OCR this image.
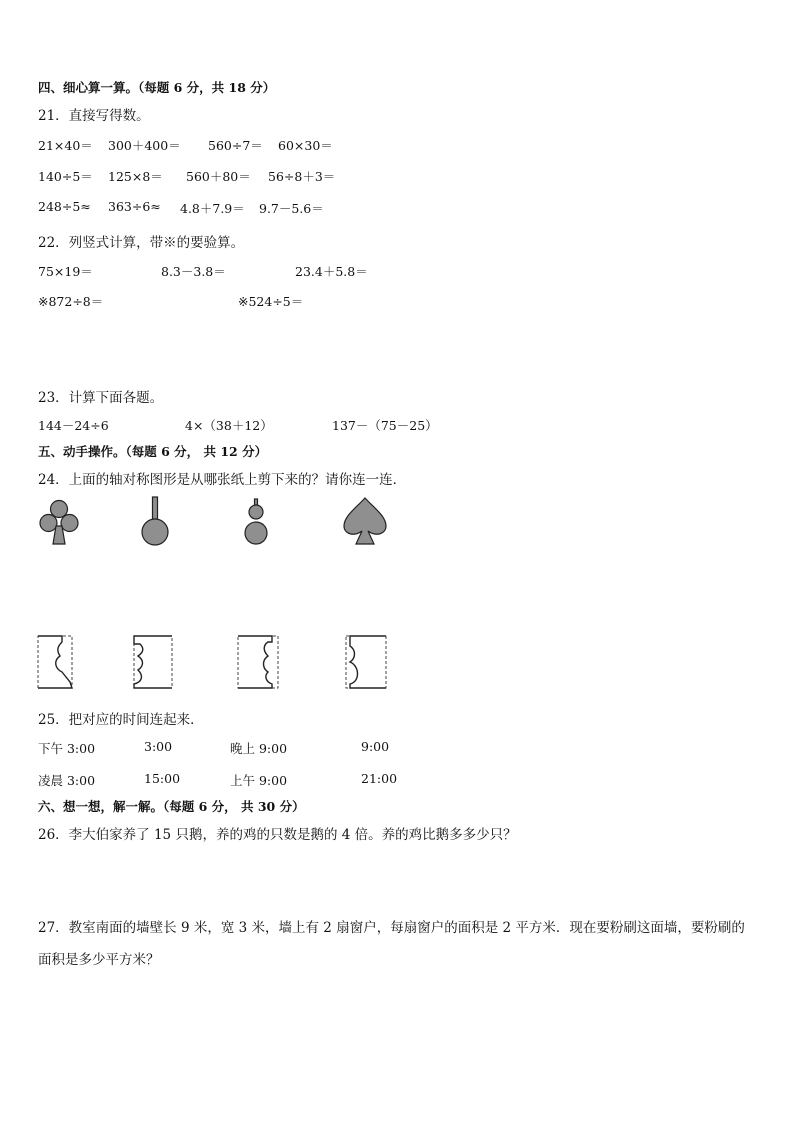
四、细心算一算。（每题 6 分，共 18 分）
21．直接写得数。
21×40＝ 300＋400＝ 560÷7＝ 60×30＝
140÷5＝ 125×8＝ 560＋80＝ 56÷8＋3＝
248÷5≈ 363÷6≈ 4.8＋7.9＝ 9.7－5.6＝
22．列竖式计算，带※的要验算。
75×19＝	8.3－3.8＝	23.4＋5.8＝
※872÷8＝	※524÷5＝
23．计算下面各题。
144－24÷6	4×（38＋12）	137－（75－25）
五、动手操作。（每题 6 分， 共 12 分）
24．上面的轴对称图形是从哪张纸上剪下来的？请你连一连．
25．把对应的时间连起来．
下午 3:00	3:00	晚上 9:00	9:00
凌晨 3:00	15:00	上午 9:00	21:00
六、想一想，解一解。（每题 6 分， 共 30 分）
26．李大伯家养了 15 只鹅，养的鸡的只数是鹅的 4 倍。养的鸡比鹅多多少只？
27．教室南面的墙壁长 9 米，宽 3 米，墙上有 2 扇窗户，每扇窗户的面积是 2 平方米．现在要粉刷这面墙，要粉刷的
面积是多少平方米？
